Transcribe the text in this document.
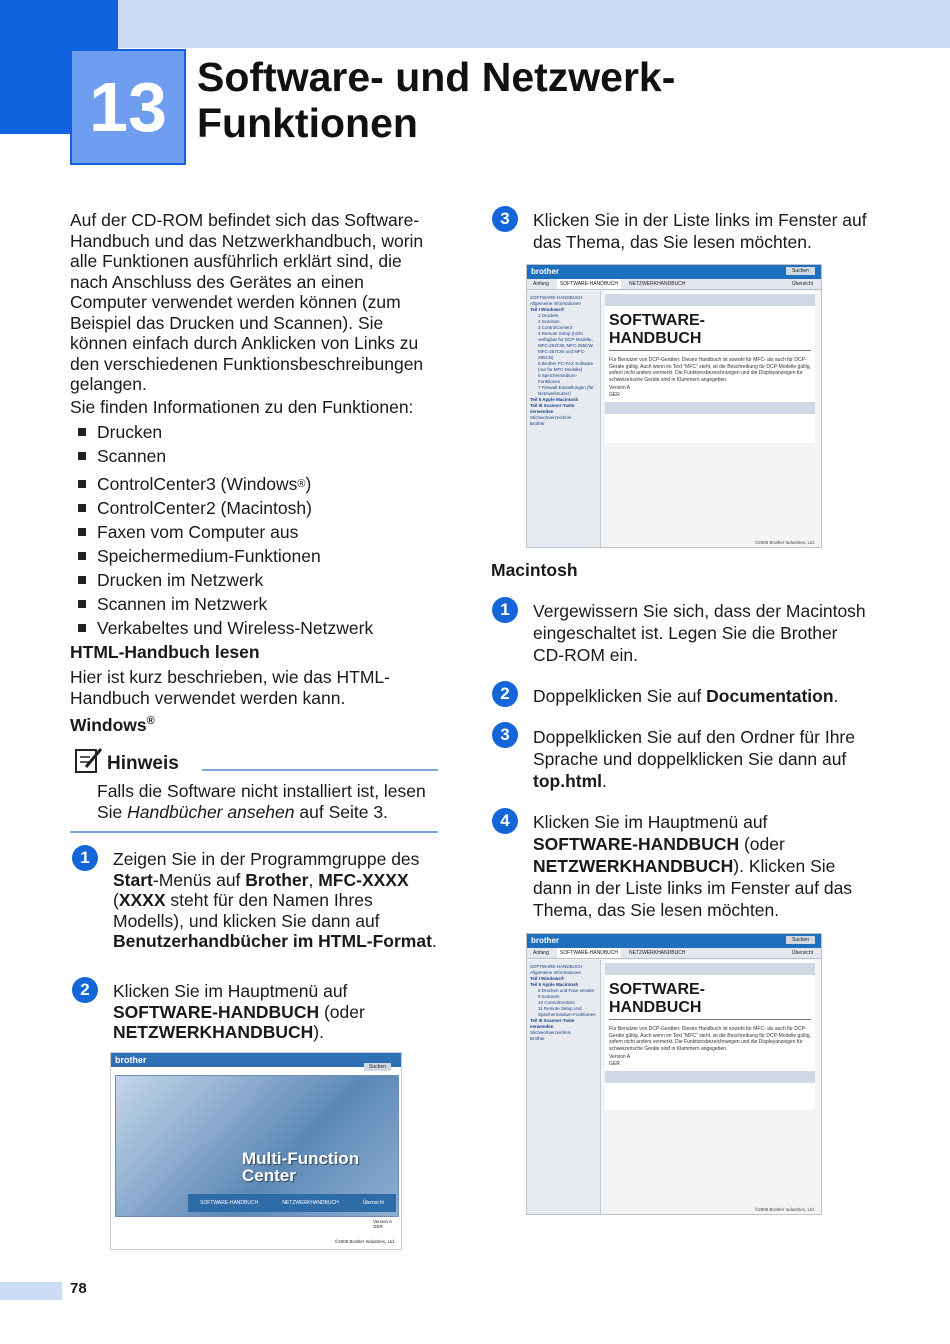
13 Software- und Netzwerk-
Funktionen
Auf der CD-ROM befindet sich das Software-Handbuch und das Netzwerkhandbuch, worin alle Funktionen ausführlich erklärt sind, die nach Anschluss des Gerätes an einen Computer verwendet werden können (zum Beispiel das Drucken und Scannen). Sie können einfach durch Anklicken von Links zu den verschiedenen Funktionsbeschreibungen gelangen.
Sie finden Informationen zu den Funktionen:
Drucken
Scannen
ControlCenter3 (Windows ® )
ControlCenter2 (Macintosh)
Faxen vom Computer aus
Speichermedium-Funktionen
Drucken im Netzwerk
Scannen im Netzwerk
Verkabeltes und Wireless-Netzwerk
HTML-Handbuch lesen
Hier ist kurz beschrieben, wie das HTML-Handbuch verwendet werden kann.
Windows®
Hinweis
Falls die Software nicht installiert ist, lesen Sie Handbücher ansehen auf Seite 3.
1	Zeigen Sie in der Programmgruppe des Start-Menüs auf Brother, MFC-XXXX (XXXX steht für den Namen Ihres Modells), und klicken Sie dann auf Benutzerhandbücher im HTML-Format.
2	Klicken Sie im Hauptmenü auf SOFTWARE-HANDBUCH (oder NETZWERKHANDBUCH).
brother
Suchen
Multi-Function
Center
SOFTWARE-HANDBUCH	NETZWERKHANDBUCH	Übersicht
Version A GER
©2009 Brother Industries, Ltd.
3	Klicken Sie in der Liste links im Fenster auf das Thema, das Sie lesen möchten.
brother	Suchen
Anfang	SOFTWARE-HANDBUCH	NETZWERKHANDBUCH	Übersicht
SOFTWARE-HANDBUCH
Allgemeine Informationen
Teil I Windows®
1 Drucken
2 Scannen
3 ControlCenter3
4 Remote Setup (nicht verfügbar für DCP-Modelle, MFC-253CW, MFC-255CW, MFC-257CW und MFC-295CN)
5 Brother PC-FAX Software (nur für MFC-Modelle)
6 Speichermedium-Funktionen
7 Firewall-Einstellungen (für Netzwerknutzer)
Teil II Apple Macintosh
Teil III Scanner-Taste verwenden
Stichwortverzeichnis
Brother
SOFTWARE-
HANDBUCH
Für Benutzer von DCP-Geräten: Dieses Handbuch ist sowohl für MFC- als auch für DCP-Geräte gültig. Auch wenn im Text "MFC" steht, ist die Beschreibung für DCP-Modelle gültig, sofern nicht anders vermerkt. Die Funktionsbezeichnungen und die Displayanzeigen für schweizerische Geräte sind in Klammern angegeben.
Version A GER
©2009 Brother Industries, Ltd.
Macintosh
1	Vergewissern Sie sich, dass der Macintosh eingeschaltet ist. Legen Sie die Brother CD-ROM ein.
2	Doppelklicken Sie auf Documentation.
3	Doppelklicken Sie auf den Ordner für Ihre Sprache und doppelklicken Sie dann auf top.html.
4	Klicken Sie im Hauptmenü auf SOFTWARE-HANDBUCH (oder NETZWERKHANDBUCH). Klicken Sie dann in der Liste links im Fenster auf das Thema, das Sie lesen möchten.
brother	Suchen
Anfang	SOFTWARE-HANDBUCH	NETZWERKHANDBUCH	Übersicht
SOFTWARE-HANDBUCH
Allgemeine Informationen
Teil I Windows®
Teil II Apple Macintosh
8 Drucken und Faxe senden
9 Scannen
10 ControlCenter2
11 Remote Setup und Speichermedium-Funktionen
Teil III Scanner-Taste verwenden
Stichwortverzeichnis
Brother
SOFTWARE-
HANDBUCH
Für Benutzer von DCP-Geräten: Dieses Handbuch ist sowohl für MFC- als auch für DCP-Geräte gültig. Auch wenn im Text "MFC" steht, ist die Beschreibung für DCP-Modelle gültig, sofern nicht anders vermerkt. Die Funktionsbezeichnungen und die Displayanzeigen für schweizerische Geräte sind in Klammern angegeben.
Version A GER
©2009 Brother Industries, Ltd.
78
